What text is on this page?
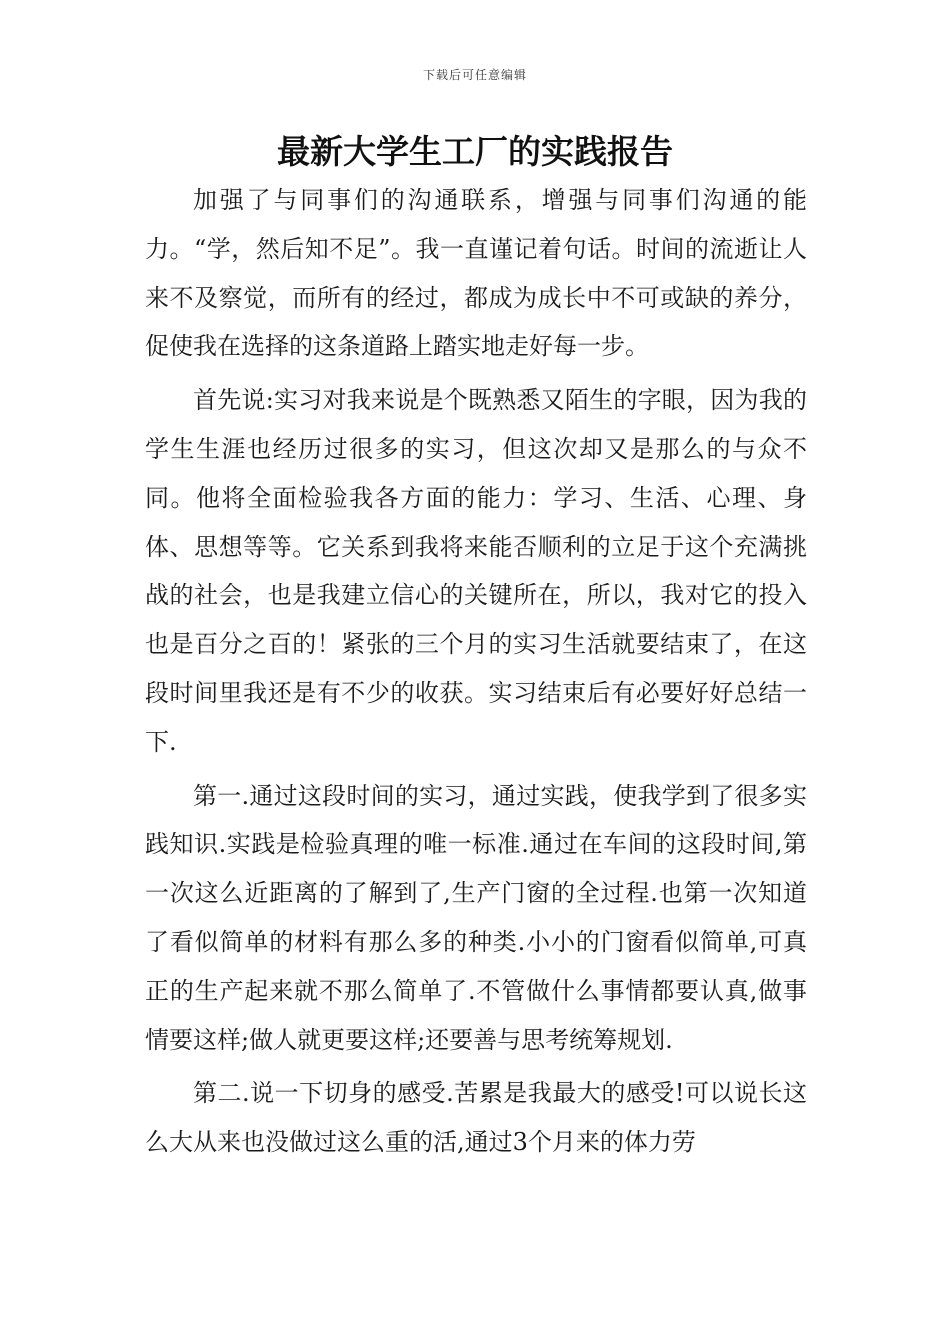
下载后可任意编辑
最新大学生工厂的实践报告

加强了与同事们的沟通联系，增强与同事们沟通的能力。“学，然后知不足”。我一直谨记着句话。时间的流逝让人来不及察觉，而所有的经过，都成为成长中不可或缺的养分，促使我在选择的这条道路上踏实地走好每一步。

首先说:实习对我来说是个既熟悉又陌生的字眼，因为我的学生生涯也经历过很多的实习，但这次却又是那么的与众不同。他将全面检验我各方面的能力：学习、生活、心理、身体、思想等等。它关系到我将来能否顺利的立足于这个充满挑战的社会，也是我建立信心的关键所在，所以，我对它的投入也是百分之百的！紧张的三个月的实习生活就要结束了，在这段时间里我还是有不少的收获。实习结束后有必要好好总结一下.

第一.通过这段时间的实习，通过实践，使我学到了很多实践知识.实践是检验真理的唯一标准.通过在车间的这段时间,第一次这么近距离的了解到了,生产门窗的全过程.也第一次知道了看似简单的材料有那么多的种类.小小的门窗看似简单,可真正的生产起来就不那么简单了.不管做什么事情都要认真,做事情要这样;做人就更要这样;还要善与思考统筹规划.

第二.说一下切身的感受.苦累是我最大的感受!可以说长这么大从来也没做过这么重的活,通过3个月来的体力劳
